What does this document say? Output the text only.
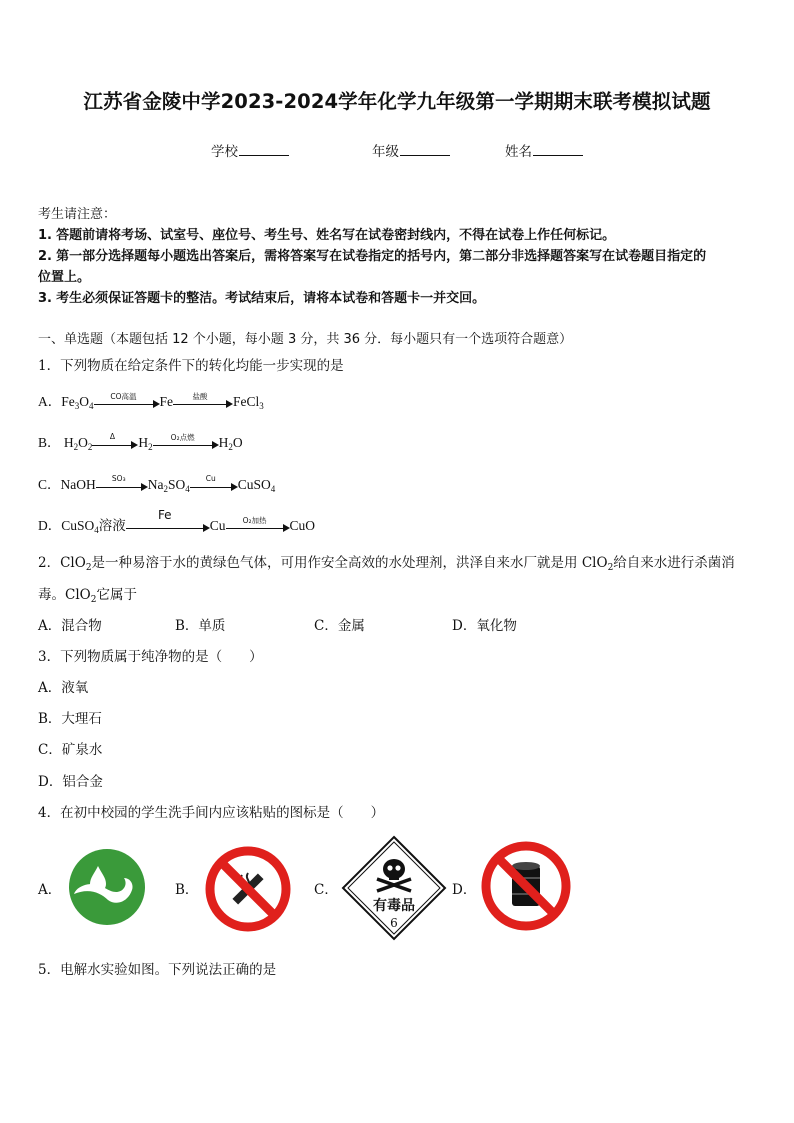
江苏省金陵中学2023-2024学年化学九年级第一学期期末联考模拟试题
学校	年级	姓名
考生请注意：
1. 答题前请将考场、试室号、座位号、考生号、姓名写在试卷密封线内，不得在试卷上作任何标记。
2. 第一部分选择题每小题选出答案后，需将答案写在试卷指定的括号内，第二部分非选择题答案写在试卷题目指定的
位置上。
3. 考生必须保证答题卡的整洁。考试结束后，请将本试卷和答题卡一并交回。
一、单选题（本题包括 12 个小题，每小题 3 分，共 36 分．每小题只有一个选项符合题意）
1．下列物质在给定条件下的转化均能一步实现的是
A．$Fe_3O_4$
CO高温	Fe	盐酸	FeCl$_3$
B． $H_2O_2$
Δ	$H_2$
O₂点燃	$H_2O$
C．NaOH	SO₃	$Na_2SO_4$
Cu	CuSO$_4$
D．CuSO$_4$溶液
Fe
Cu	O₂加热	CuO
2．ClO$_2$是一种易溶于水的黄绿色气体，可用作安全高效的水处理剂，洪泽自来水厂就是用 ClO$_2$给自来水进行杀菌消
毒。ClO$_2$它属于
A．混合物	B．单质	C．金属	D．氧化物
3．下列物质属于纯净物的是（　　）
A．液氧
B．大理石
C．矿泉水
D．铝合金
4．在初中校园的学生洗手间内应该粘贴的图标是（　　）
A．	B．	C．
有毒品
6
D．
5．电解水实验如图。下列说法正确的是
